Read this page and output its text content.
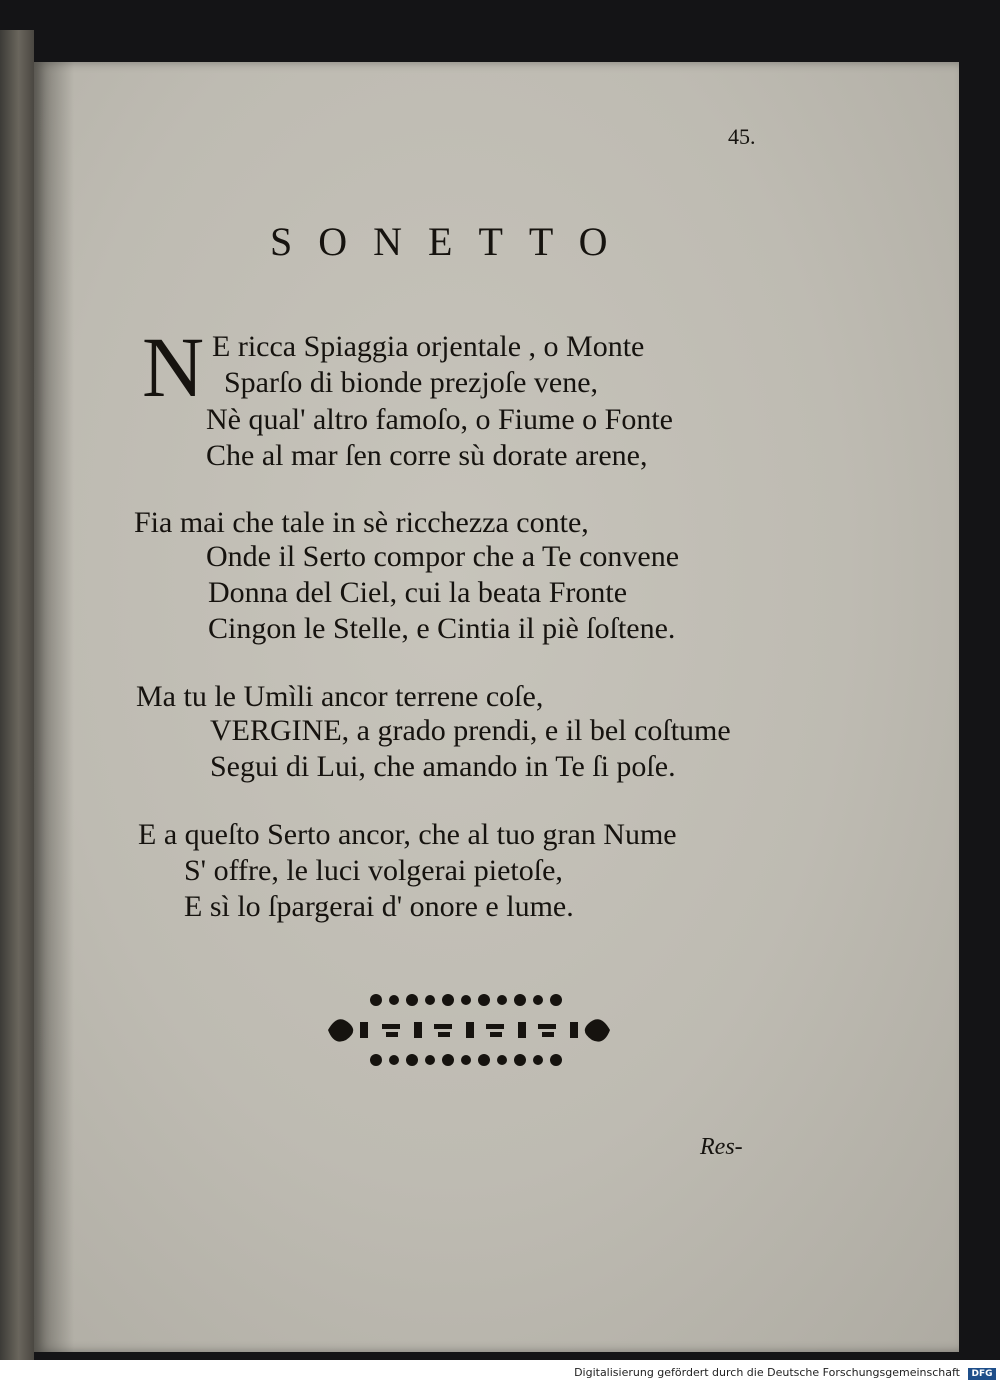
45.
SONETTO
N E ricca Spiaggia orjentale , o Monte
Sparſo di bionde prezjoſe vene,
Nè qual' altro famoſo, o Fiume o Fonte
Che al mar ſen corre sù dorate arene,
Fia mai che tale in sè ricchezza conte,
Onde il Serto compor che a Te convene
Donna del Ciel, cui la beata Fronte
Cingon le Stelle, e Cintia il piè ſoſtene.
Ma tu le Umìli ancor terrene coſe,
VERGINE, a grado prendi, e il bel coſtume
Segui di Lui, che amando in Te ſi poſe.
E a queſto Serto ancor, che al tuo gran Nume
S' offre, le luci volgerai pietoſe,
E sì lo ſpargerai d' onore e lume.
Res-
Digitalisierung gefördert durch die Deutsche Forschungsgemeinschaft	DFG
